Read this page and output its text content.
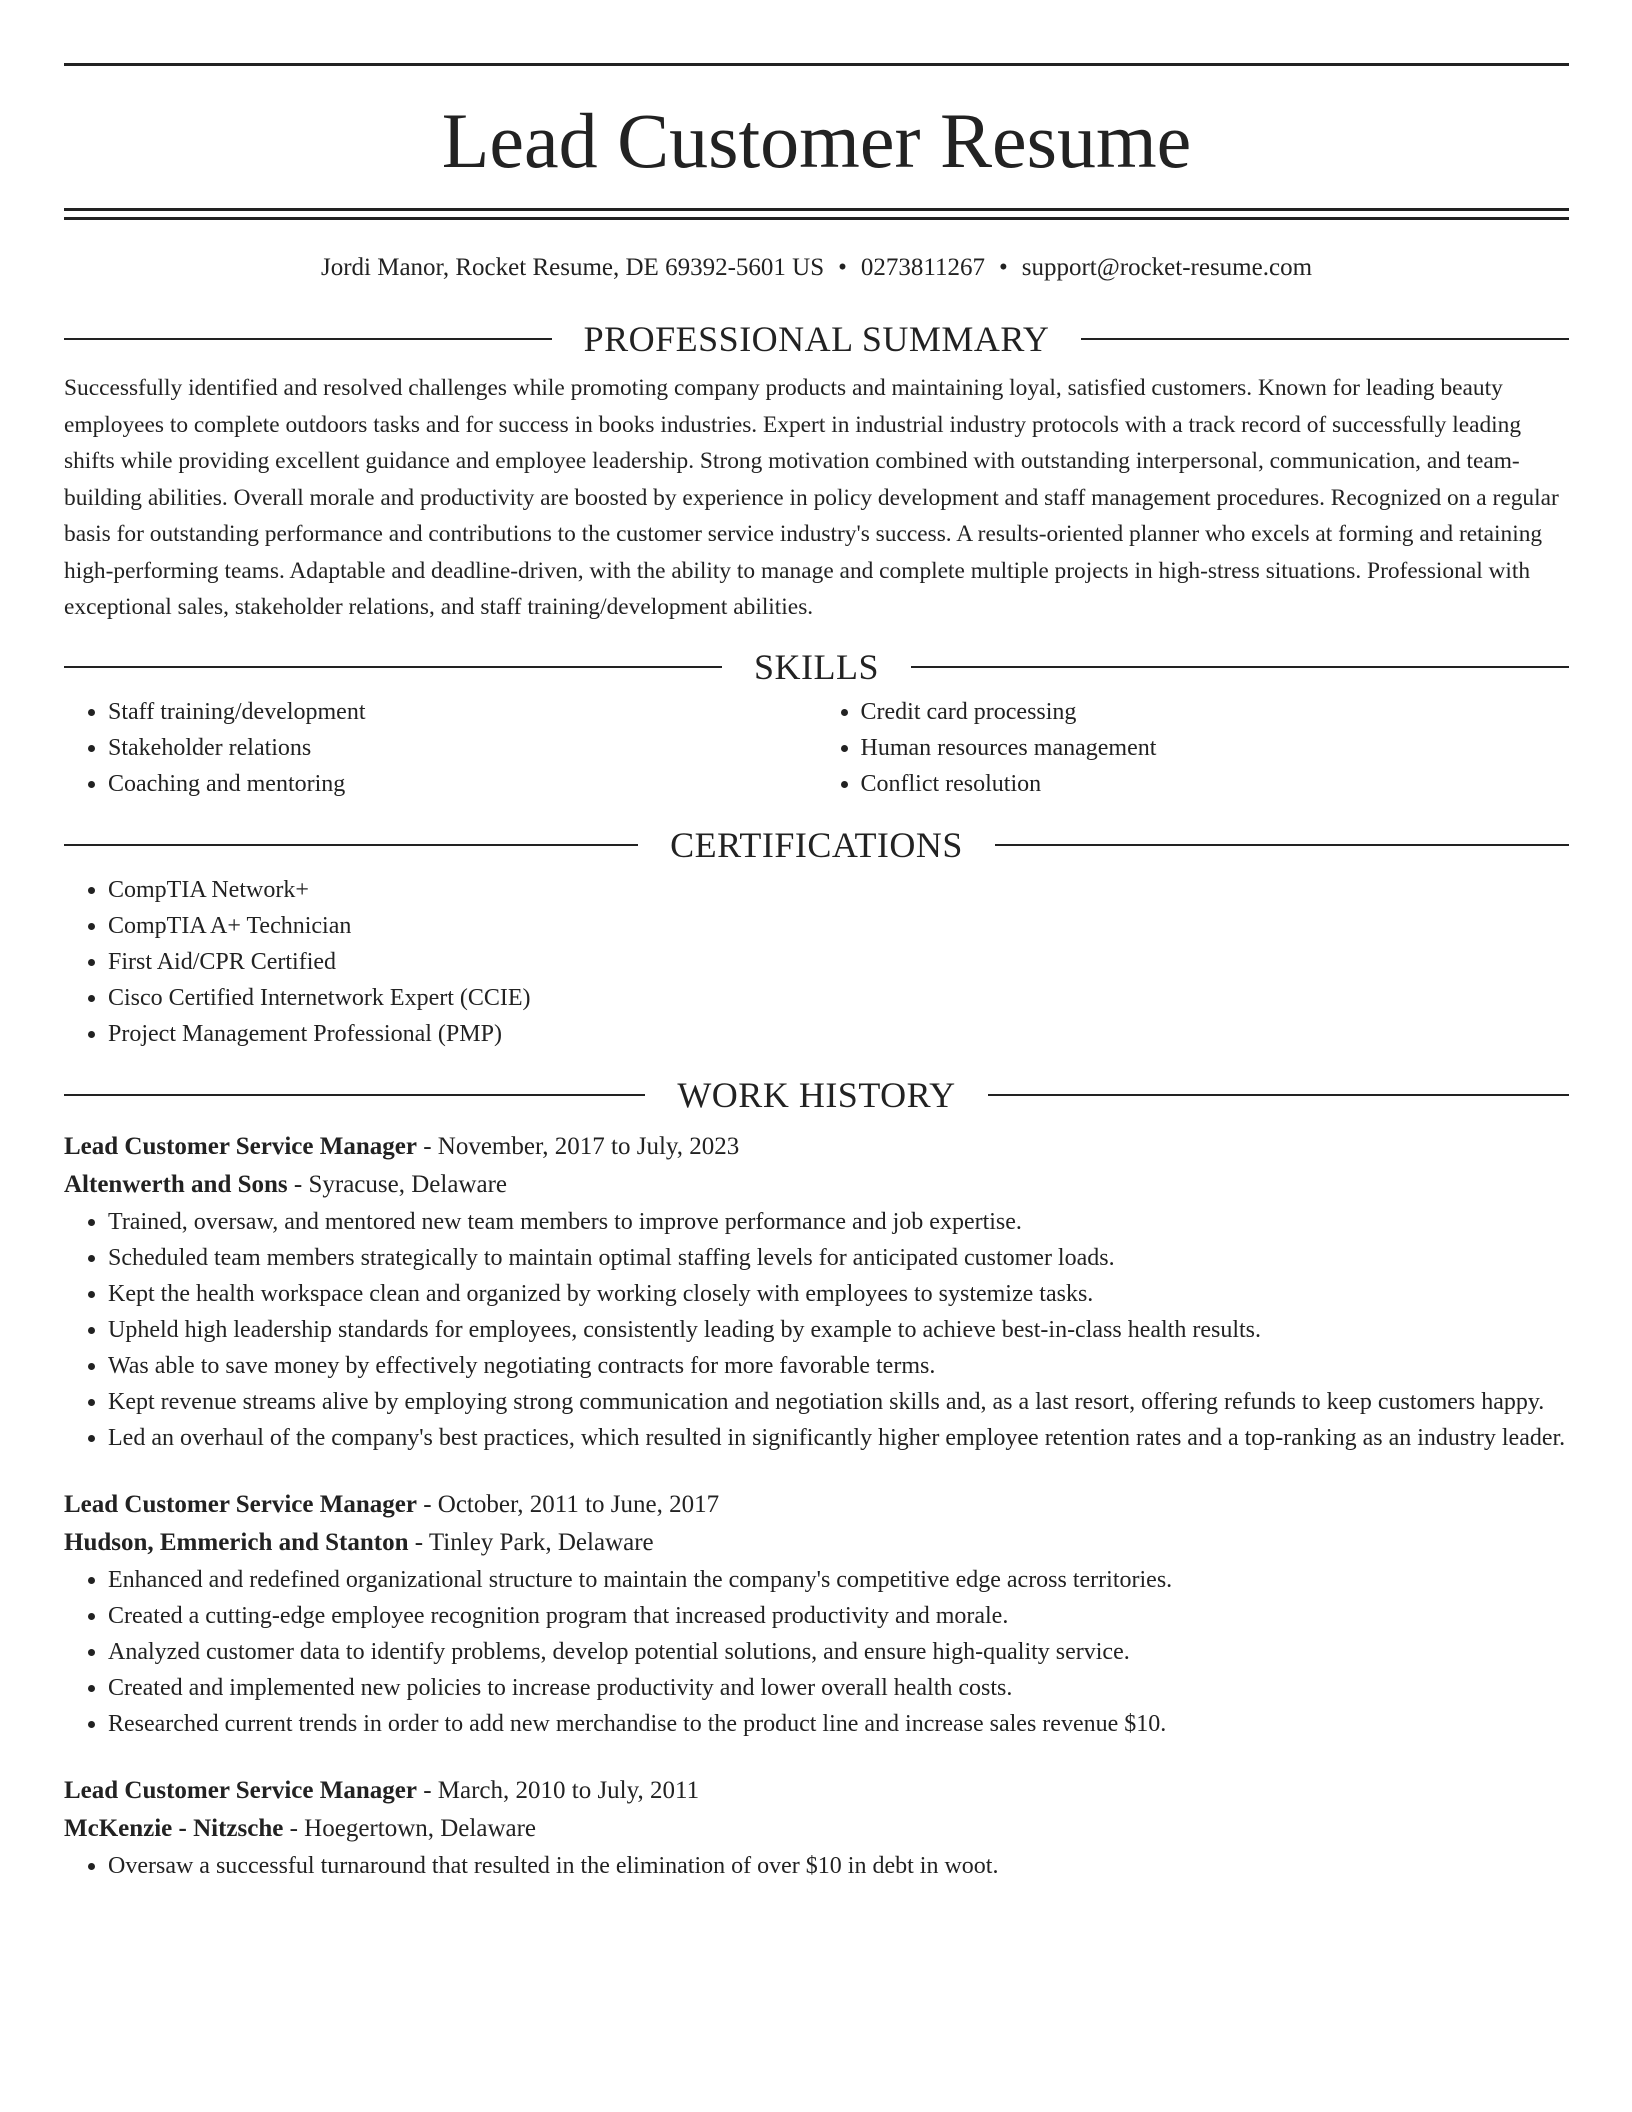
Lead Customer Resume
Jordi Manor, Rocket Resume, DE 69392-5601 US • 0273811267 • support@rocket-resume.com
PROFESSIONAL SUMMARY

Successfully identified and resolved challenges while promoting company products and maintaining loyal, satisfied customers. Known for leading beauty employees to complete outdoors tasks and for success in books industries. Expert in industrial industry protocols with a track record of successfully leading shifts while providing excellent guidance and employee leadership. Strong motivation combined with outstanding interpersonal, communication, and team-building abilities. Overall morale and productivity are boosted by experience in policy development and staff management procedures. Recognized on a regular basis for outstanding performance and contributions to the customer service industry's success. A results-oriented planner who excels at forming and retaining high-performing teams. Adaptable and deadline-driven, with the ability to manage and complete multiple projects in high-stress situations. Professional with exceptional sales, stakeholder relations, and staff training/development abilities.

SKILLS
• Staff training/development
• Stakeholder relations
• Coaching and mentoring
• Credit card processing
• Human resources management
• Conflict resolution
CERTIFICATIONS
• CompTIA Network+
• CompTIA A+ Technician
• First Aid/CPR Certified
• Cisco Certified Internetwork Expert (CCIE)
• Project Management Professional (PMP)
WORK HISTORY
Lead Customer Service Manager - November, 2017 to July, 2023
Altenwerth and Sons - Syracuse, Delaware
• Trained, oversaw, and mentored new team members to improve performance and job expertise.
• Scheduled team members strategically to maintain optimal staffing levels for anticipated customer loads.
• Kept the health workspace clean and organized by working closely with employees to systemize tasks.
• Upheld high leadership standards for employees, consistently leading by example to achieve best-in-class health results.
• Was able to save money by effectively negotiating contracts for more favorable terms.
• Kept revenue streams alive by employing strong communication and negotiation skills and, as a last resort, offering refunds to keep customers happy.
• Led an overhaul of the company's best practices, which resulted in significantly higher employee retention rates and a top-ranking as an industry leader.
Lead Customer Service Manager - October, 2011 to June, 2017
Hudson, Emmerich and Stanton - Tinley Park, Delaware
• Enhanced and redefined organizational structure to maintain the company's competitive edge across territories.
• Created a cutting-edge employee recognition program that increased productivity and morale.
• Analyzed customer data to identify problems, develop potential solutions, and ensure high-quality service.
• Created and implemented new policies to increase productivity and lower overall health costs.
• Researched current trends in order to add new merchandise to the product line and increase sales revenue $10.
Lead Customer Service Manager - March, 2010 to July, 2011
McKenzie - Nitzsche - Hoegertown, Delaware
• Oversaw a successful turnaround that resulted in the elimination of over $10 in debt in woot.
